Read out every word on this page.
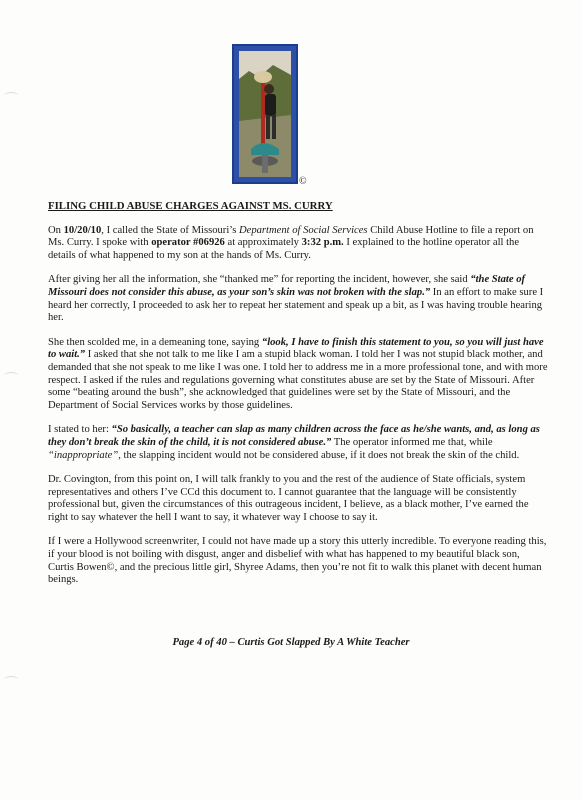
©
FILING CHILD ABUSE CHARGES AGAINST MS. CURRY

On 10/20/10, I called the State of Missouri’s Department of Social Services Child Abuse Hotline to file a report on Ms. Curry. I spoke with operator #06926 at approximately 3:32 p.m. I explained to the hotline operator all the details of what happened to my son at the hands of Ms. Curry.

After giving her all the information, she “thanked me” for reporting the incident, however, she said “the State of Missouri does not consider this abuse, as your son’s skin was not broken with the slap.” In an effort to make sure I heard her correctly, I proceeded to ask her to repeat her statement and speak up a bit, as I was having trouble hearing her.

She then scolded me, in a demeaning tone, saying “look, I have to finish this statement to you, so you will just have to wait.” I asked that she not talk to me like I am a stupid black woman. I told her I was not stupid black mother, and demanded that she not speak to me like I was one. I told her to address me in a more professional tone, and with more respect. I asked if the rules and regulations governing what constitutes abuse are set by the State of Missouri. After some “beating around the bush”, she acknowledged that guidelines were set by the State of Missouri, and the Department of Social Services works by those guidelines.

I stated to her: “So basically, a teacher can slap as many children across the face as he/she wants, and, as long as they don’t break the skin of the child, it is not considered abuse.” The operator informed me that, while “inappropriate”, the slapping incident would not be considered abuse, if it does not break the skin of the child.

Dr. Covington, from this point on, I will talk frankly to you and the rest of the audience of State officials, system representatives and others I’ve CCd this document to. I cannot guarantee that the language will be consistently professional but, given the circumstances of this outrageous incident, I believe, as a black mother, I’ve earned the right to say whatever the hell I want to say, it whatever way I choose to say it.

If I were a Hollywood screenwriter, I could not have made up a story this utterly incredible. To everyone reading this, if your blood is not boiling with disgust, anger and disbelief with what has happened to my beautiful black son, Curtis Bowen©, and the precious little girl, Shyree Adams, then you’re not fit to walk this planet with decent human beings.

Page 4 of 40 – Curtis Got Slapped By A White Teacher
